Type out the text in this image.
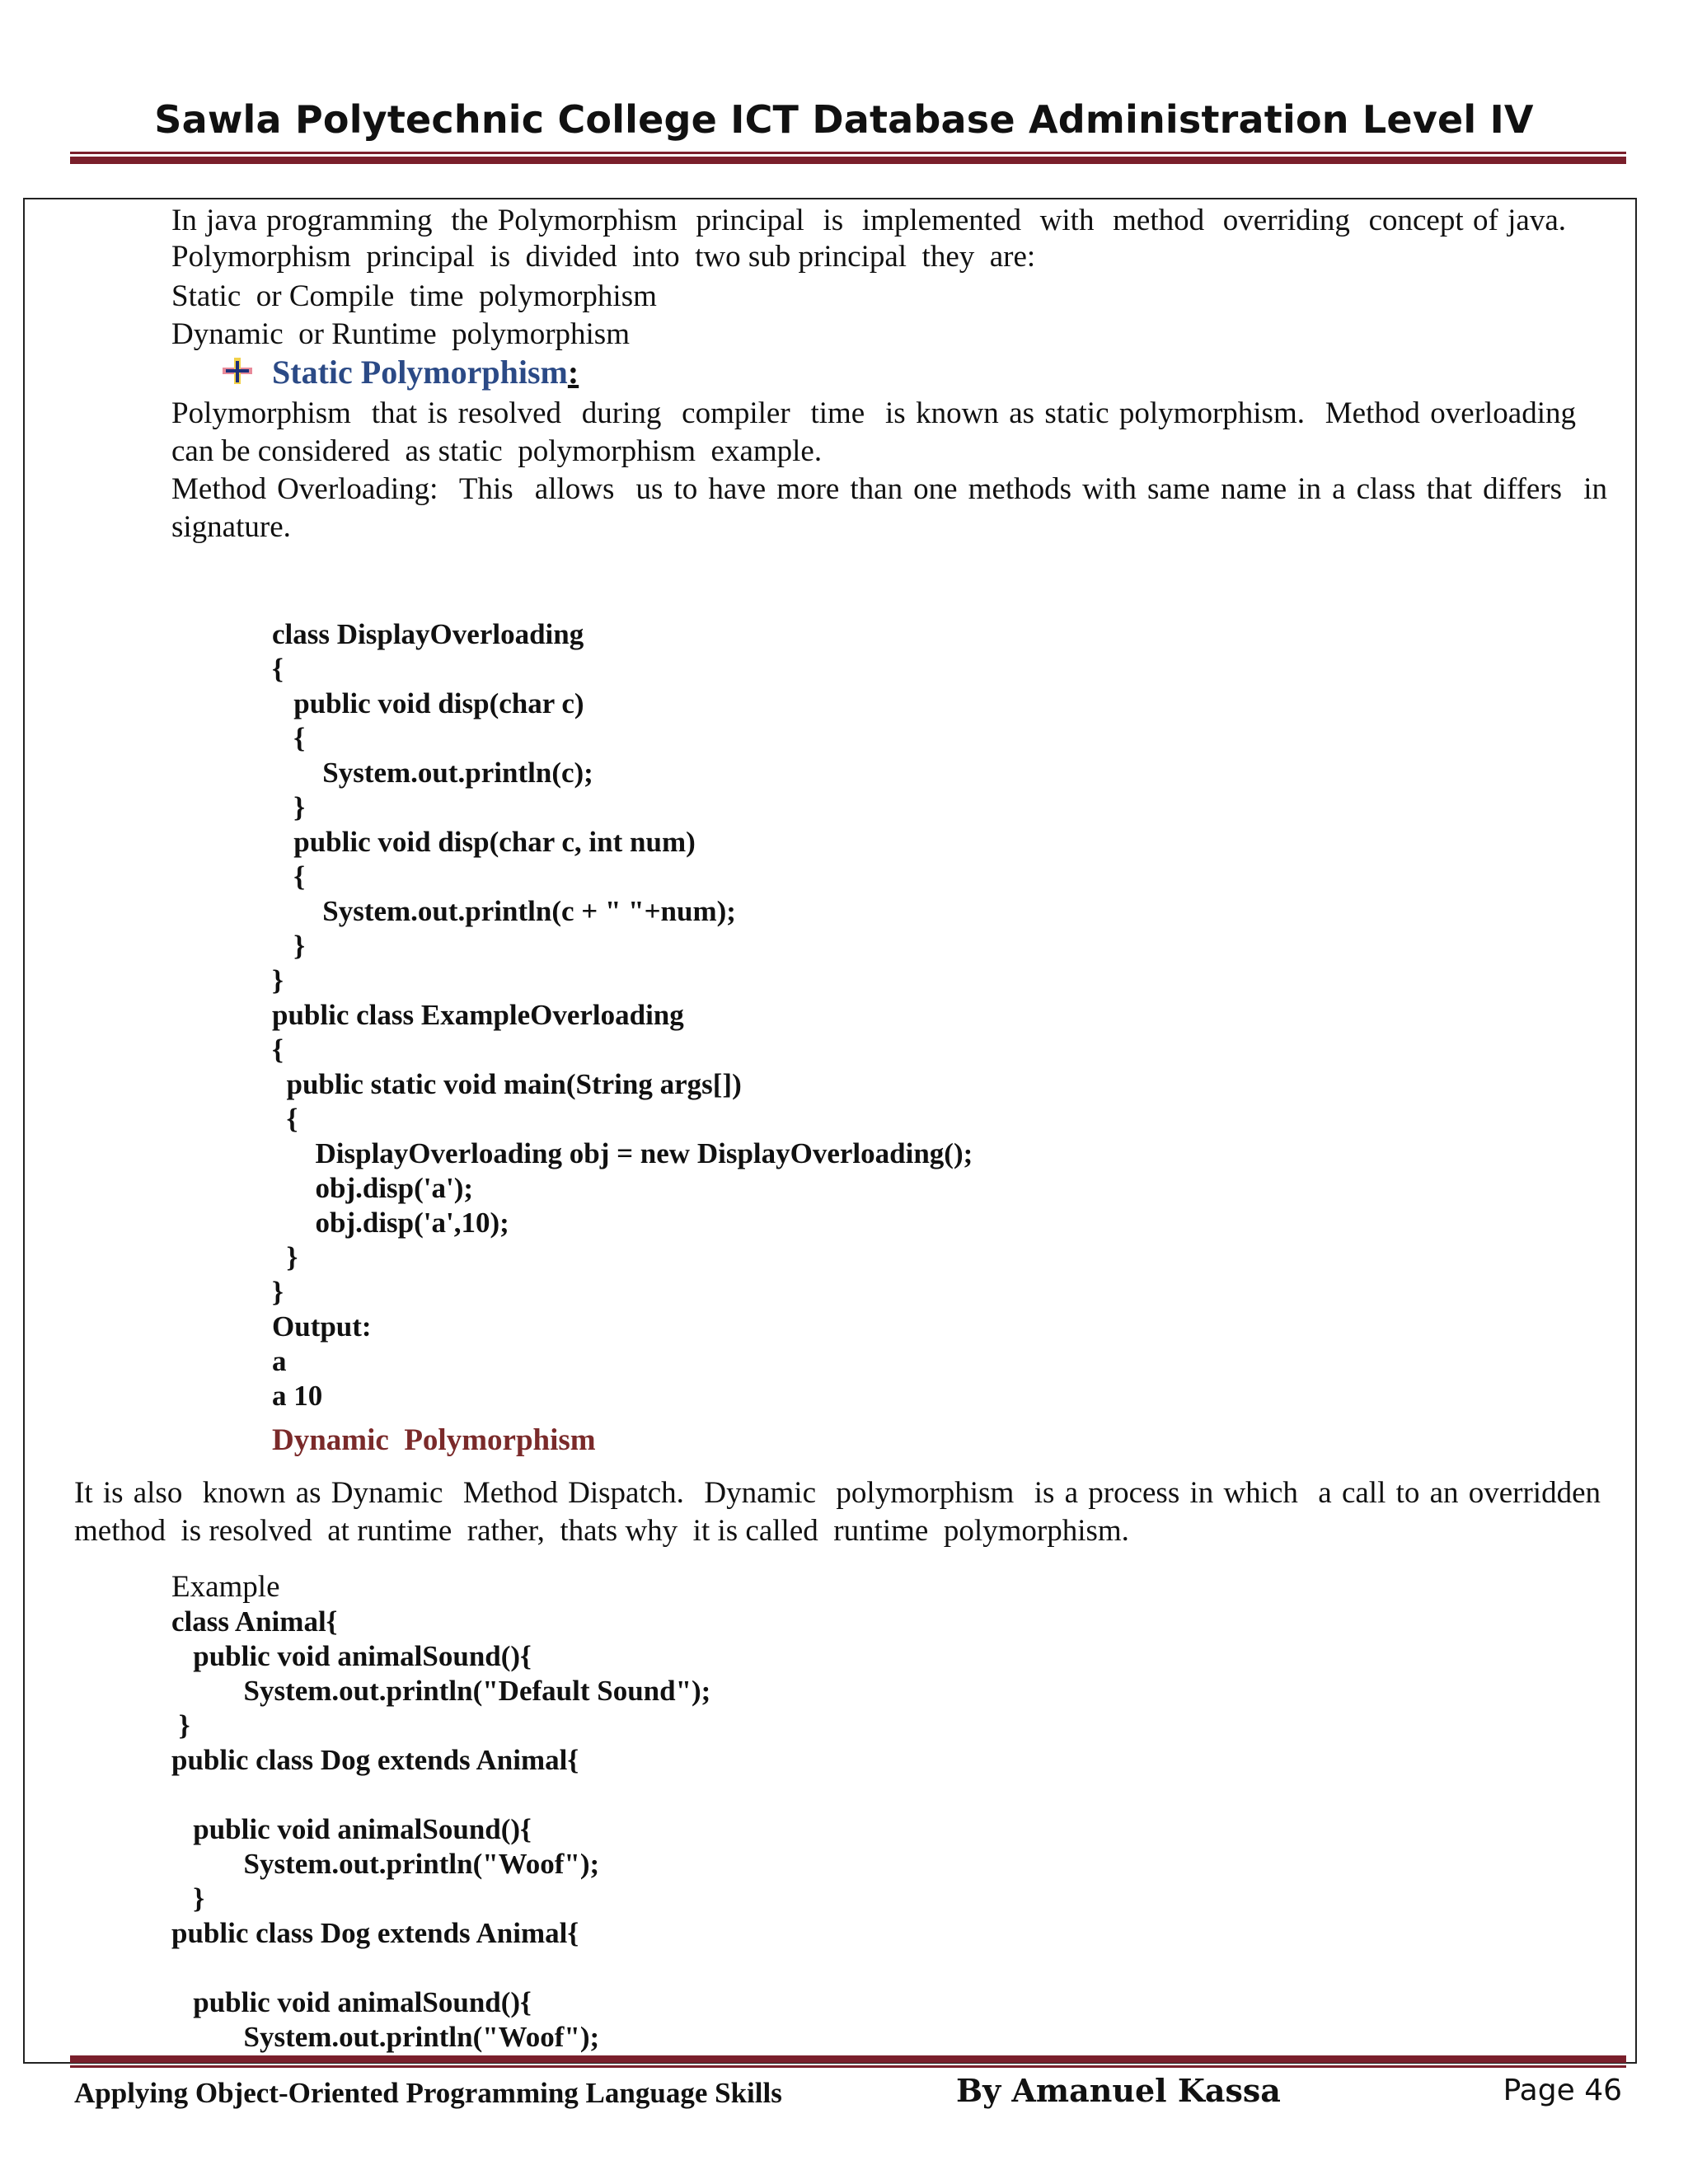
Sawla Polytechnic College ICT Database Administration Level IV
In java programming  the Polymorphism  principal  is  implemented  with  method  overriding  concept of java.
Polymorphism  principal  is  divided  into  two sub principal  they  are:
Static  or Compile  time  polymorphism
Dynamic  or Runtime  polymorphism
Static Polymorphism:
Polymorphism  that is resolved  during  compiler  time  is known as static polymorphism.  Method overloading
can be considered  as static  polymorphism  example.
Method Overloading:  This  allows  us to have more than one methods with same name in a class that differs  in
signature.
class DisplayOverloading
{
public void disp(char c)
{
System.out.println(c);
}
public void disp(char c, int num)
{
System.out.println(c + " "+num);
}
}
public class ExampleOverloading
{
public static void main(String args[])
{
DisplayOverloading obj = new DisplayOverloading();
obj.disp('a');
obj.disp('a',10);
}
}
Output:
a
a 10
Dynamic  Polymorphism
It is also  known as Dynamic  Method Dispatch.  Dynamic  polymorphism  is a process in which  a call to an overridden
method  is resolved  at runtime  rather,  thats why  it is called  runtime  polymorphism.
Example
class Animal{
public void animalSound(){
System.out.println("Default Sound");
}
public class Dog extends Animal{
public void animalSound(){
System.out.println("Woof");
}
public class Dog extends Animal{
public void animalSound(){
System.out.println("Woof");
Applying Object-Oriented Programming Language Skills	By Amanuel Kassa	Page 46
